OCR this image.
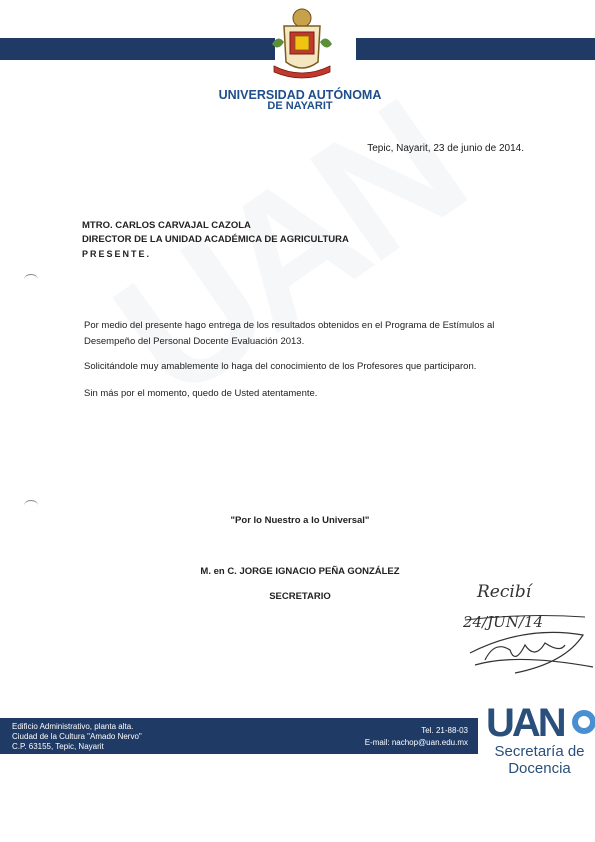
UNIVERSIDAD AUTÓNOMA
DE NAYARIT
Tepic, Nayarit, 23 de junio de 2014.
MTRO. CARLOS CARVAJAL CAZOLA
DIRECTOR DE LA UNIDAD ACADÉMICA DE AGRICULTURA
PRESENTE.
Por medio del presente hago entrega de los resultados obtenidos en el Programa de Estímulos al
Desempeño del Personal Docente Evaluación 2013.
Solicitándole muy amablemente lo haga del conocimiento de los Profesores que participaron.
Sin más por el momento, quedo de Usted atentamente.
"Por lo Nuestro a lo Universal"
M. en C. JORGE IGNACIO PEÑA GONZÁLEZ
SECRETARIO	Recibí
24/JUN/14
Edificio Administrativo, planta alta.
Ciudad de la Cultura "Amado Nervo"
C.P. 63155, Tepic, Nayarit
Tel. 21-88-03
E-mail: nachop@uan.edu.mx UAN
Secretaría de
Docencia
